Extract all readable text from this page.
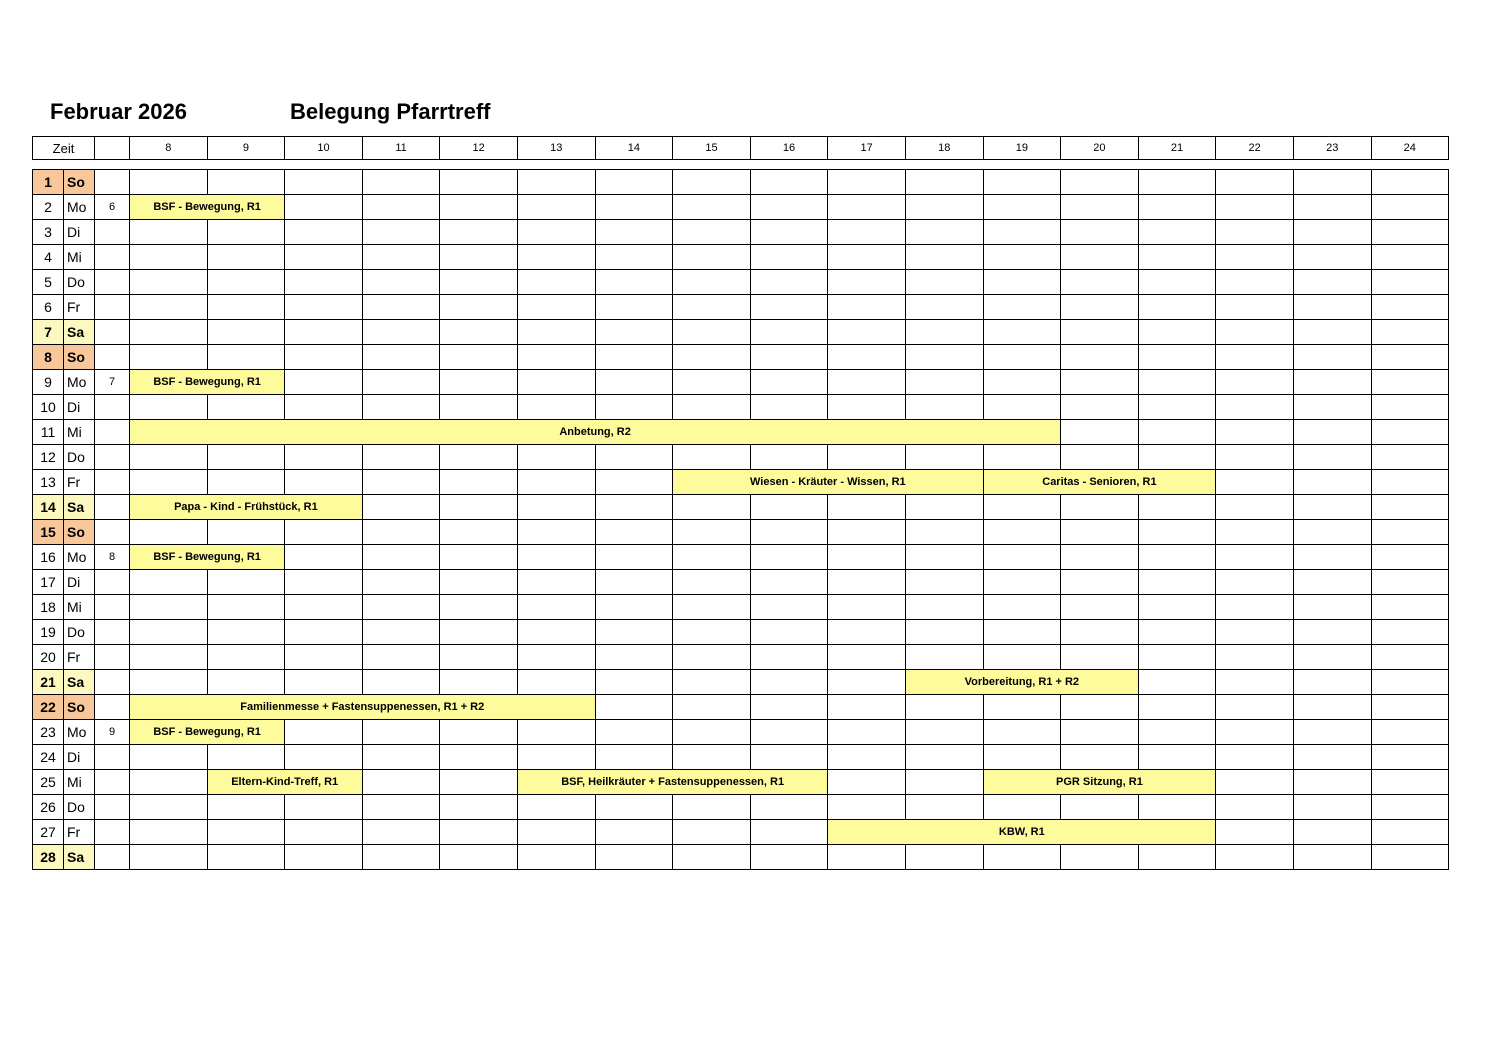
Februar 2026	Belegung Pfarrtreff
Zeit		8	9	10	11	12	13	14	15	16	17	18	19	20	21	22	23	24
1	So																		
2	Mo	6	BSF - Bewegung, R1																
3	Di																		
4	Mi																		
5	Do																		
6	Fr																		
7	Sa																		
8	So																		
9	Mo	7	BSF - Bewegung, R1																
10	Di																		
11	Mi		Anbetung, R2																
12	Do																		
13	Fr									Wiesen - Kräuter - Wissen, R1				Caritas - Senioren, R1					
14	Sa		Papa - Kind - Frühstück, R1																
15	So																		
16	Mo	8	BSF - Bewegung, R1																
17	Di																		
18	Mi																		
19	Do																		
20	Fr																		
21	Sa												Vorbereitung, R1 + R2						
22	So		Familienmesse + Fastensuppenessen, R1 + R2																
23	Mo	9	BSF - Bewegung, R1																
24	Di																		
25	Mi			Eltern-Kind-Treff, R1				BSF, Heilkräuter + Fastensuppenessen, R1						PGR Sitzung, R1					
26	Do																		
27	Fr											KBW, R1							
28	Sa																		
